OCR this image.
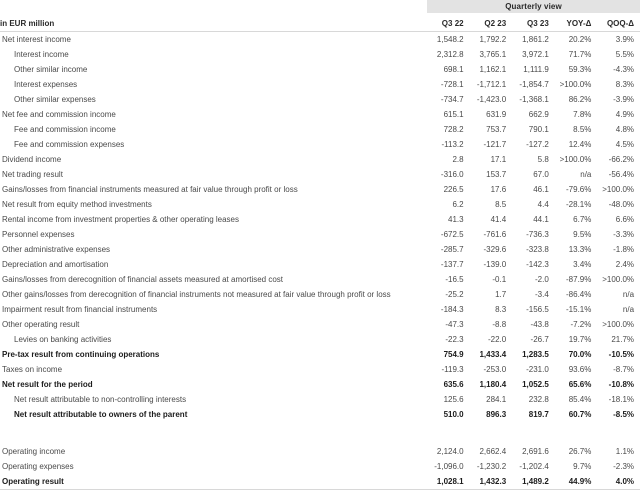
	Quarterly view				
in EUR million	Q3 22	Q2 23	Q3 23	YOY-Δ	QOQ-Δ
Net interest income	1,548.2	1,792.2	1,861.2	20.2%	3.9%
Interest income	2,312.8	3,765.1	3,972.1	71.7%	5.5%
Other similar income	698.1	1,162.1	1,111.9	59.3%	-4.3%
Interest expenses	-728.1	-1,712.1	-1,854.7	>100.0%	8.3%
Other similar expenses	-734.7	-1,423.0	-1,368.1	86.2%	-3.9%
Net fee and commission income	615.1	631.9	662.9	7.8%	4.9%
Fee and commission income	728.2	753.7	790.1	8.5%	4.8%
Fee and commission expenses	-113.2	-121.7	-127.2	12.4%	4.5%
Dividend income	2.8	17.1	5.8	>100.0%	-66.2%
Net trading result	-316.0	153.7	67.0	n/a	-56.4%
Gains/losses from financial instruments measured at fair value through profit or loss	226.5	17.6	46.1	-79.6%	>100.0%
Net result from equity method investments	6.2	8.5	4.4	-28.1%	-48.0%
Rental income from investment properties & other operating leases	41.3	41.4	44.1	6.7%	6.6%
Personnel expenses	-672.5	-761.6	-736.3	9.5%	-3.3%
Other administrative expenses	-285.7	-329.6	-323.8	13.3%	-1.8%
Depreciation and amortisation	-137.7	-139.0	-142.3	3.4%	2.4%
Gains/losses from derecognition of financial assets measured at amortised cost	-16.5	-0.1	-2.0	-87.9%	>100.0%
Other gains/losses from derecognition of financial instruments not measured at fair value through profit or loss	-25.2	1.7	-3.4	-86.4%	n/a
Impairment result from financial instruments	-184.3	8.3	-156.5	-15.1%	n/a
Other operating result	-47.3	-8.8	-43.8	-7.2%	>100.0%
Levies on banking activities	-22.3	-22.0	-26.7	19.7%	21.7%
Pre-tax result from continuing operations	754.9	1,433.4	1,283.5	70.0%	-10.5%
Taxes on income	-119.3	-253.0	-231.0	93.6%	-8.7%
Net result for the period	635.6	1,180.4	1,052.5	65.6%	-10.8%
Net result attributable to non-controlling interests	125.6	284.1	232.8	85.4%	-18.1%
Net result attributable to owners of the parent	510.0	896.3	819.7	60.7%	-8.5%

Operating income	2,124.0	2,662.4	2,691.6	26.7%	1.1%
Operating expenses	-1,096.0	-1,230.2	-1,202.4	9.7%	-2.3%
Operating result	1,028.1	1,432.3	1,489.2	44.9%	4.0%
